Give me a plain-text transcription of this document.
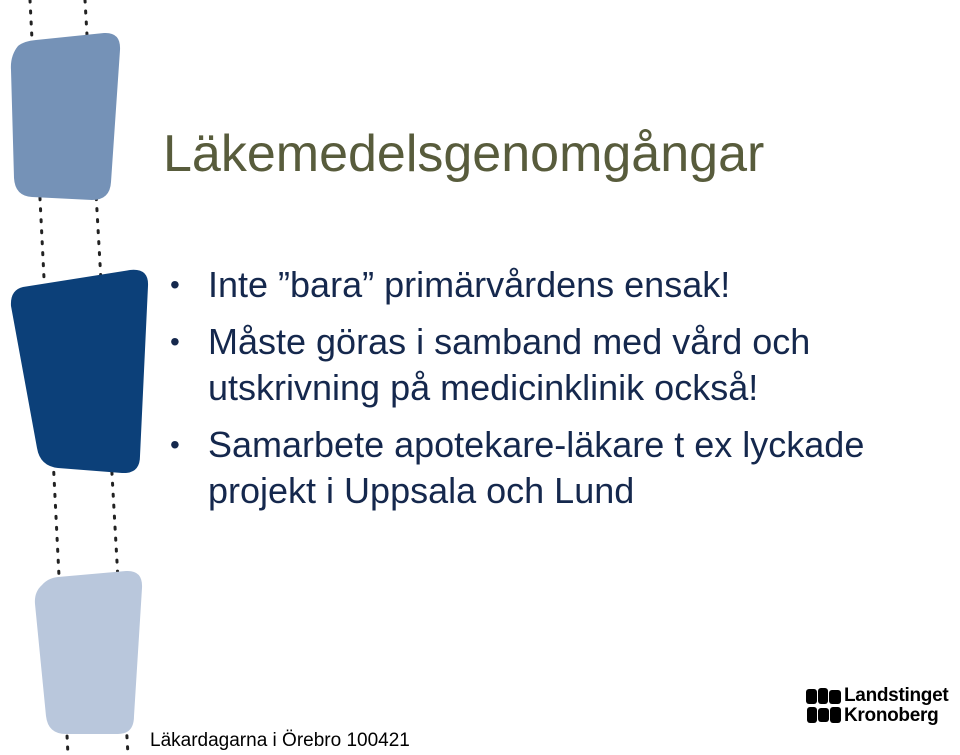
Läkemedelsgenomgångar
• Inte ”bara” primärvårdens ensak!
• Måste göras i samband med vård och utskrivning på medicinklinik också!
• Samarbete apotekare-läkare t ex lyckade projekt i Uppsala och Lund
Läkardagarna i Örebro 100421
Landstinget
Kronoberg
